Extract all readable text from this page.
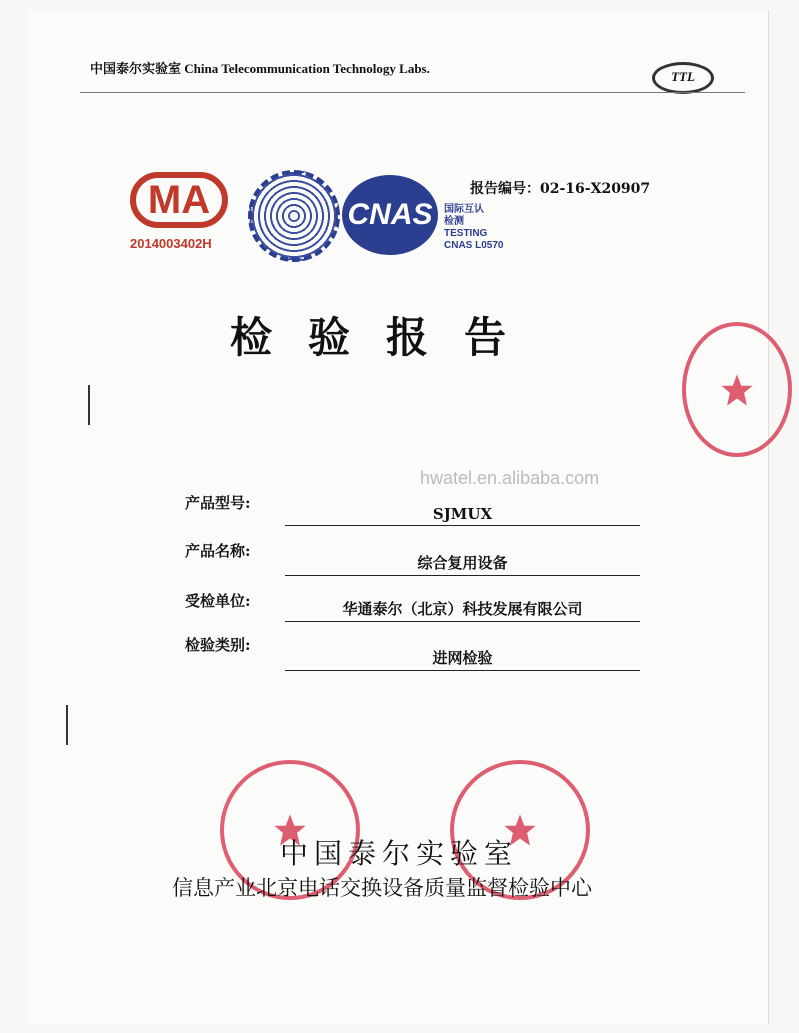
中国泰尔实验室 China Telecommunication Technology Labs.
TTL
MA
2014003402H
CNAS	国际互认
检测
TESTING
CNAS L0570
报告编号：02-16-X20907
检验报告
hwatel.en.alibaba.com
产品型号:
SJMUX
产品名称:
综合复用设备
受检单位:	华通泰尔（北京）科技发展有限公司
检验类别:
进网检验
中国泰尔实验室
信息产业北京电话交换设备质量监督检验中心
